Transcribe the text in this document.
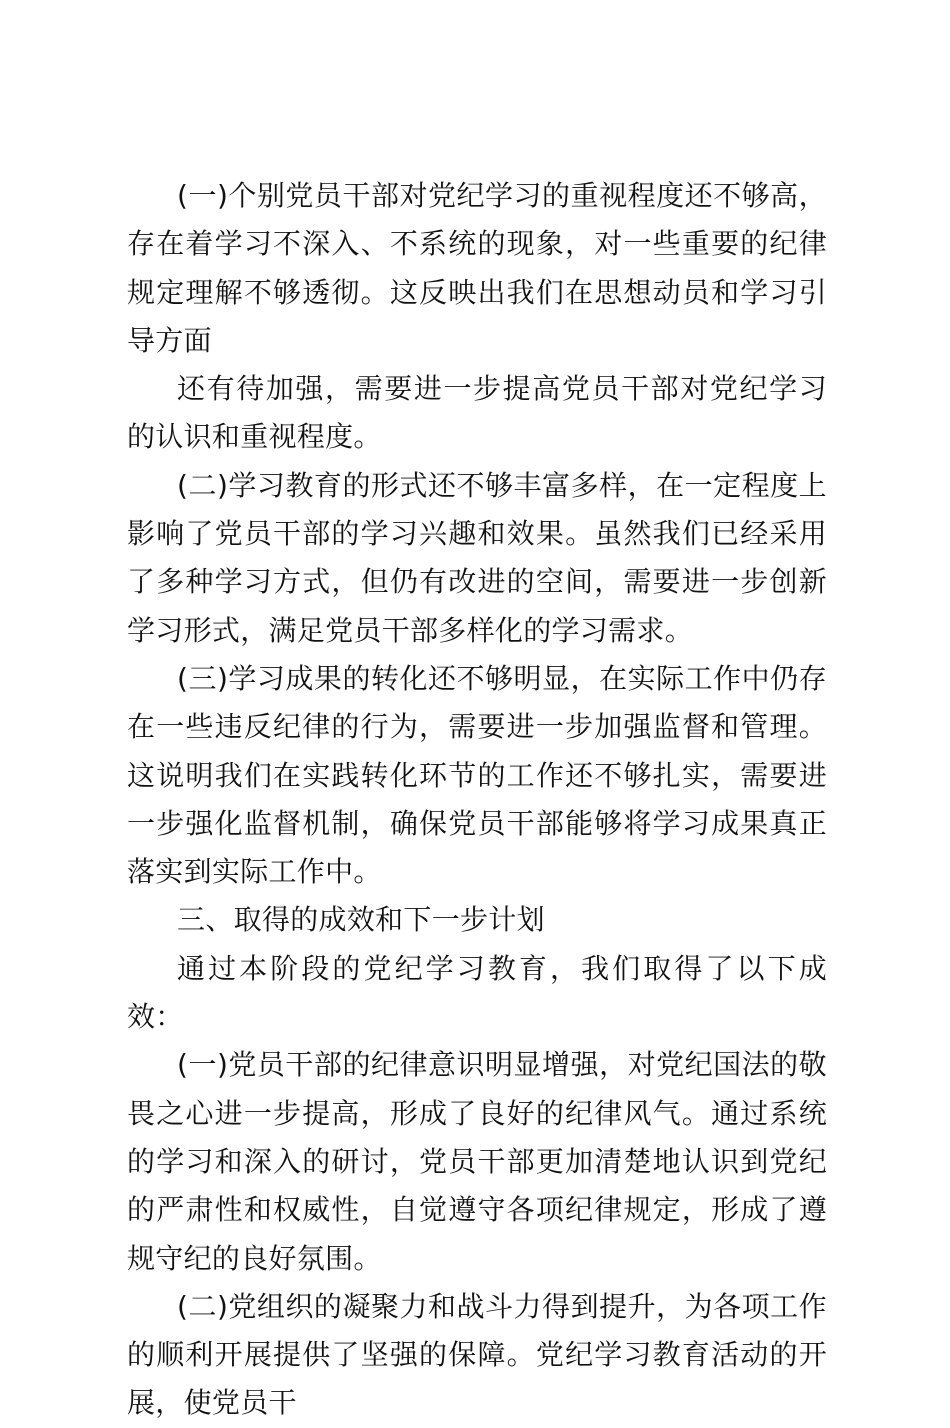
(一)个别党员干部对党纪学习的重视程度还不够高，存在着学习不深入、不系统的现象，对一些重要的纪律规定理解不够透彻。这反映出我们在思想动员和学习引导方面

还有待加强，需要进一步提高党员干部对党纪学习的认识和重视程度。

(二)学习教育的形式还不够丰富多样，在一定程度上影响了党员干部的学习兴趣和效果。虽然我们已经采用了多种学习方式，但仍有改进的空间，需要进一步创新学习形式，满足党员干部多样化的学习需求。

(三)学习成果的转化还不够明显，在实际工作中仍存在一些违反纪律的行为，需要进一步加强监督和管理。这说明我们在实践转化环节的工作还不够扎实，需要进一步强化监督机制，确保党员干部能够将学习成果真正落实到实际工作中。

三、取得的成效和下一步计划

通过本阶段的党纪学习教育，我们取得了以下成效：

(一)党员干部的纪律意识明显增强，对党纪国法的敬畏之心进一步提高，形成了良好的纪律风气。通过系统的学习和深入的研讨，党员干部更加清楚地认识到党纪的严肃性和权威性，自觉遵守各项纪律规定，形成了遵规守纪的良好氛围。

(二)党组织的凝聚力和战斗力得到提升，为各项工作的顺利开展提供了坚强的保障。党纪学习教育活动的开展，使党员干
